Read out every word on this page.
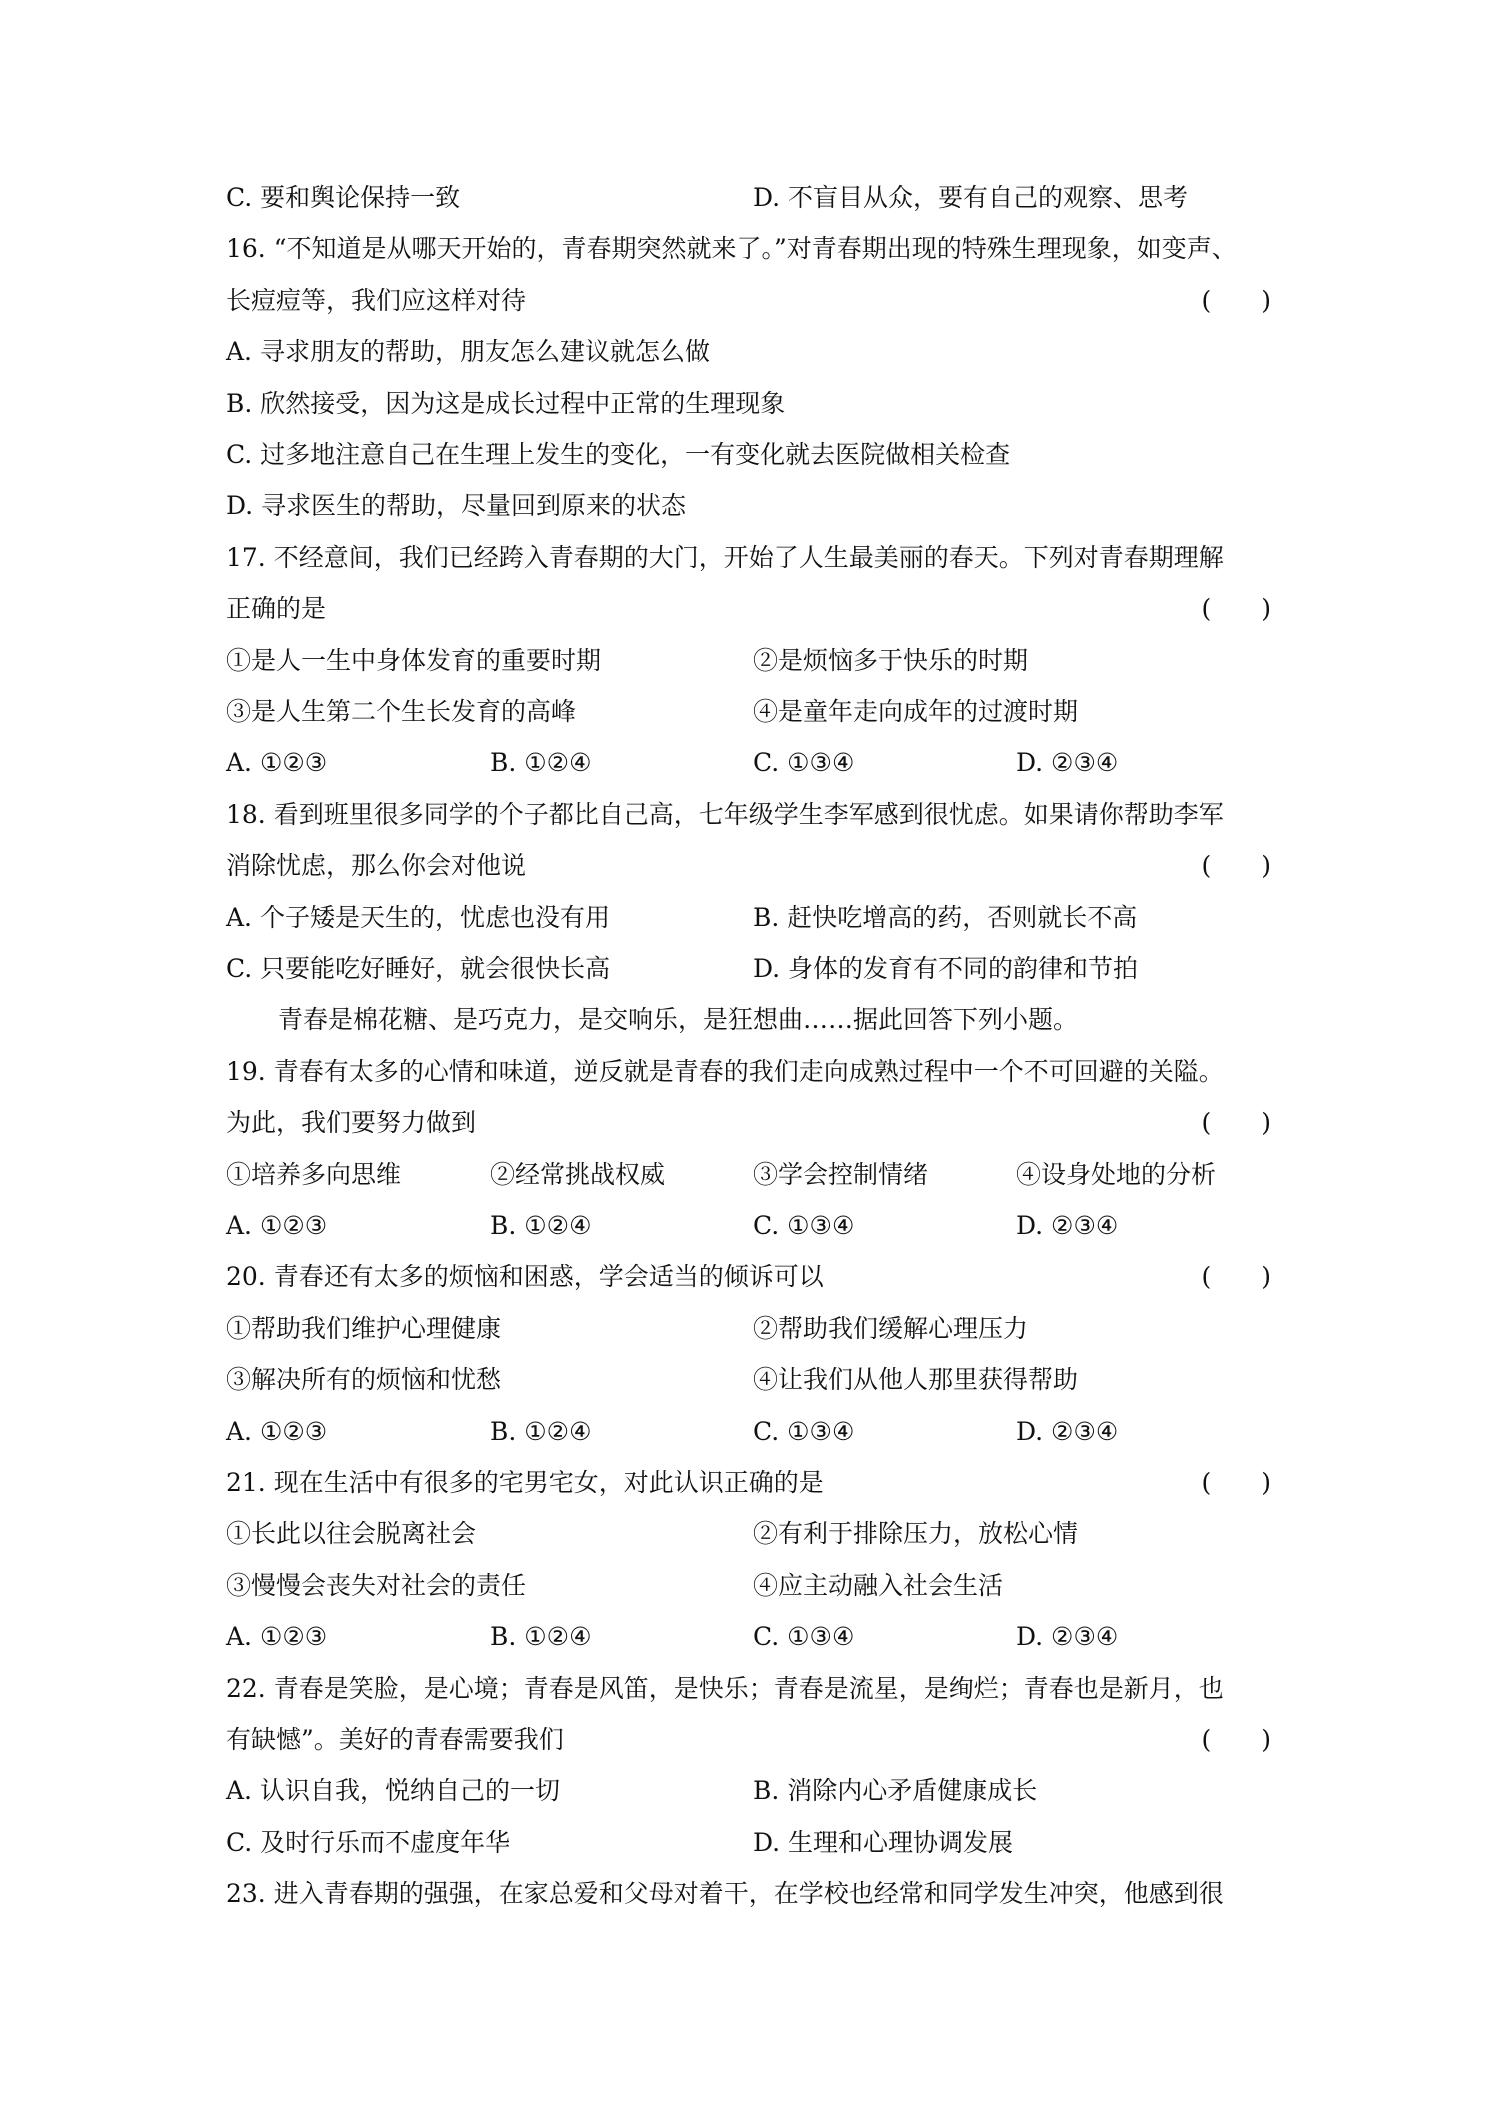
C. 要和舆论保持一致	D. 不盲目从众，要有自己的观察、思考
16. “不知道是从哪天开始的，青春期突然就来了。”对青春期出现的特殊生理现象，如变声、
长痘痘等，我们应这样对待	(　　)
A. 寻求朋友的帮助，朋友怎么建议就怎么做
B. 欣然接受，因为这是成长过程中正常的生理现象
C. 过多地注意自己在生理上发生的变化，一有变化就去医院做相关检查
D. 寻求医生的帮助，尽量回到原来的状态
17. 不经意间，我们已经跨入青春期的大门，开始了人生最美丽的春天。下列对青春期理解
正确的是	(　　)
①是人一生中身体发育的重要时期	②是烦恼多于快乐的时期
③是人生第二个生长发育的高峰	④是童年走向成年的过渡时期
A. ①②③	B. ①②④	C. ①③④	D. ②③④
18. 看到班里很多同学的个子都比自己高，七年级学生李军感到很忧虑。如果请你帮助李军
消除忧虑，那么你会对他说	(　　)
A. 个子矮是天生的，忧虑也没有用	B. 赶快吃增高的药，否则就长不高
C. 只要能吃好睡好，就会很快长高	D. 身体的发育有不同的韵律和节拍
青春是棉花糖、是巧克力，是交响乐，是狂想曲……据此回答下列小题。
19. 青春有太多的心情和味道，逆反就是青春的我们走向成熟过程中一个不可回避的关隘。
为此，我们要努力做到	(　　)
①培养多向思维	②经常挑战权威	③学会控制情绪	④设身处地的分析
A. ①②③	B. ①②④	C. ①③④	D. ②③④
20. 青春还有太多的烦恼和困惑，学会适当的倾诉可以	(　　)
①帮助我们维护心理健康	②帮助我们缓解心理压力
③解决所有的烦恼和忧愁	④让我们从他人那里获得帮助
A. ①②③	B. ①②④	C. ①③④	D. ②③④
21. 现在生活中有很多的宅男宅女，对此认识正确的是	(　　)
①长此以往会脱离社会	②有利于排除压力，放松心情
③慢慢会丧失对社会的责任	④应主动融入社会生活
A. ①②③	B. ①②④	C. ①③④	D. ②③④
22. 青春是笑脸，是心境；青春是风笛，是快乐；青春是流星，是绚烂；青春也是新月，也
有缺憾”。美好的青春需要我们	(　　)
A. 认识自我，悦纳自己的一切	B. 消除内心矛盾健康成长
C. 及时行乐而不虚度年华	D. 生理和心理协调发展
23. 进入青春期的强强，在家总爱和父母对着干，在学校也经常和同学发生冲突，他感到很
